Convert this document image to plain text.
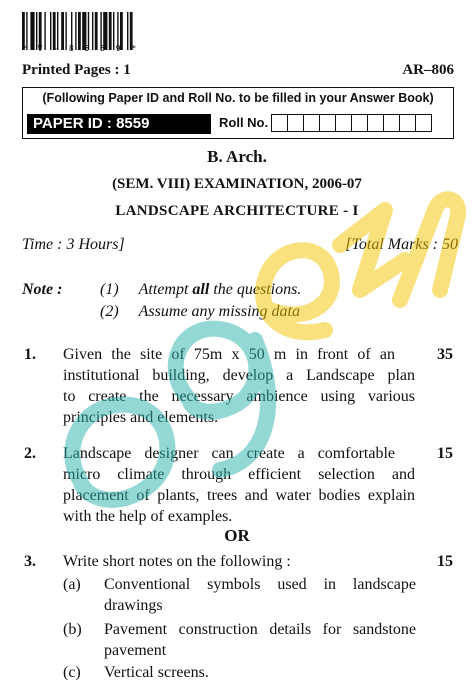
* V - 8 5 5 9 *
Printed Pages : 1	AR–806
(Following Paper ID and Roll No. to be filled in your Answer Book)
PAPER ID : 8559	Roll No.
B. Arch.
(SEM. VIII) EXAMINATION, 2006-07
LANDSCAPE ARCHITECTURE - I
Time : 3 Hours]	[Total Marks : 50
Note : (1) Attempt all the questions.
(2) Assume any missing data
1.	35
Given the site of 75m x 50 m in front of an
institutional building, develop a Landscape plan
to create the necessary ambience using various
principles and elements.
2.	15
Landscape designer can create a comfortable
micro climate through efficient selection and
placement of plants, trees and water bodies explain
with the help of examples.
OR
3.	15
Write short notes on the following :
(a) Conventional symbols used in landscape
drawings
(b) Pavement construction details for sandstone
pavement
(c) Vertical screens.
